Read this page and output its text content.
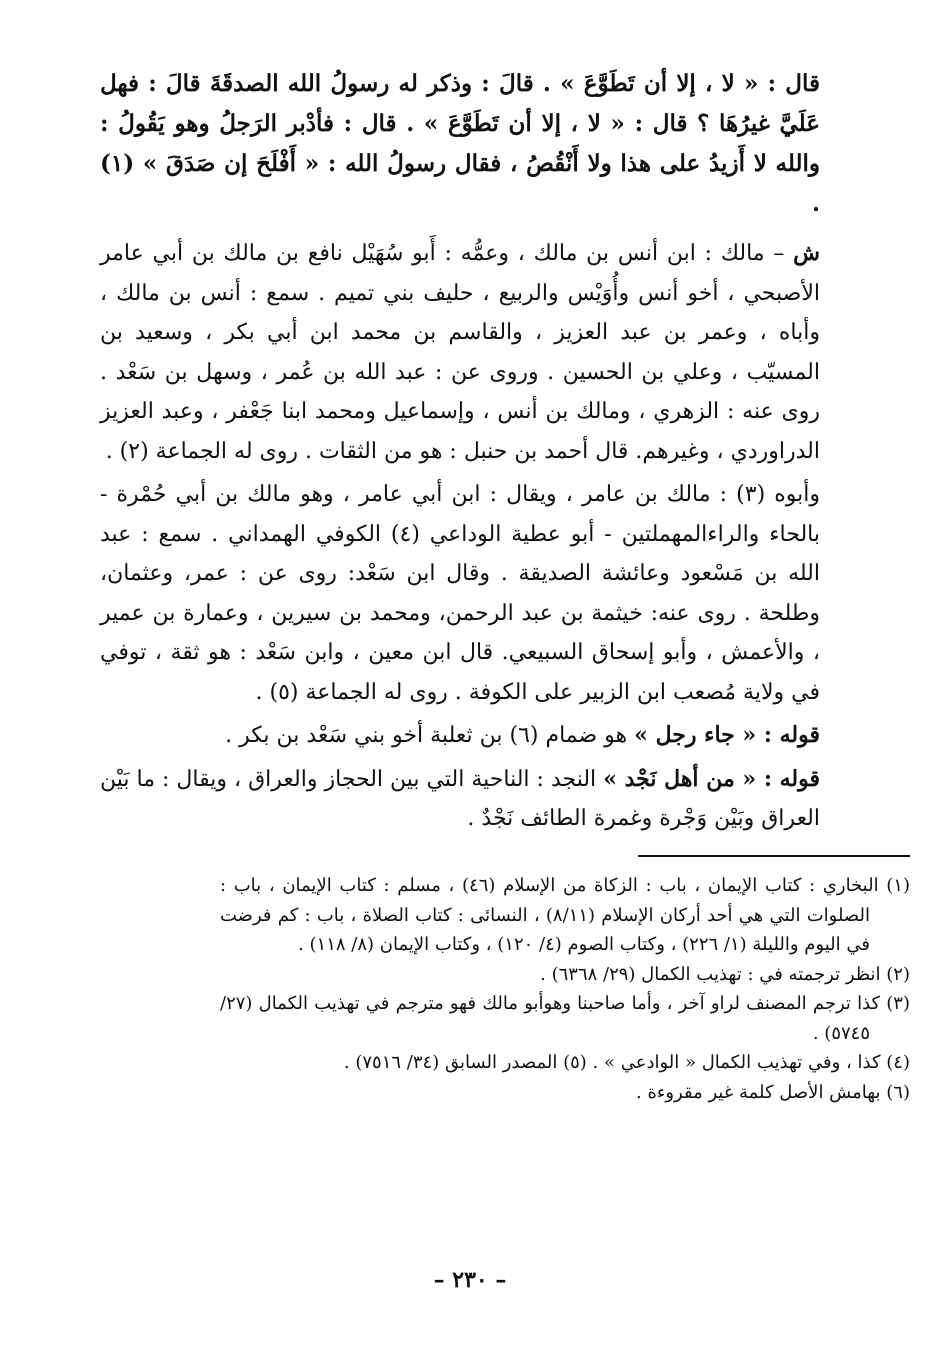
قال : « لا ، إلا أن تَطَوَّعَ » . قالَ : وذكر له رسولُ الله الصدقَةَ قالَ : فهل عَلَيَّ غيرُهَا ؟ قال : « لا ، إلا أن تَطَوَّعَ » . قال : فأدْبر الرَجلُ وهو يَقُولُ : والله لا أَزيدُ على هذا ولا أَنْقُصُ ، فقال رسولُ الله : « أَفْلَحَ إن صَدَقَ » (١) .

ش – مالك : ابن أنس بن مالك ، وعمُّه : أَبو سُهَيْل نافع بن مالك بن أبي عامر الأصبحي ، أخو أنس وأُوَيْس والربيع ، حليف بني تميم . سمع : أنس بن مالك ، وأباه ، وعمر بن عبد العزيز ، والقاسم بن محمد ابن أبي بكر ، وسعيد بن المسيّب ، وعلي بن الحسين . وروى عن : عبد الله بن عُمر ، وسهل بن سَعْد . روى عنه : الزهري ، ومالك بن أنس ، وإسماعيل ومحمد ابنا جَعْفر ، وعبد العزيز الدراوردي ، وغيرهم. قال أحمد بن حنبل : هو من الثقات . روى له الجماعة (٢) .

وأبوه (٣) : مالك بن عامر ، ويقال : ابن أبي عامر ، وهو مالك بن أبي حُمْرة - بالحاء والراءالمهملتين - أبو عطية الوداعي (٤) الكوفي الهمداني . سمع : عبد الله بن مَسْعود وعائشة الصديقة . وقال ابن سَعْد: روى عن : عمر، وعثمان، وطلحة . روى عنه: خيثمة بن عبد الرحمن، ومحمد بن سيرين ، وعمارة بن عمير ، والأعمش ، وأبو إسحاق السبيعي. قال ابن معين ، وابن سَعْد : هو ثقة ، توفي في ولاية مُصعب ابن الزبير على الكوفة . روى له الجماعة (٥) .

قوله : « جاء رجل » هو ضمام (٦) بن ثعلبة أخو بني سَعْد بن بكر .

قوله : « من أهل نَجْد » النجد : الناحية التي بين الحجاز والعراق ، ويقال : ما بَيْن العراق وبَيْن وَجْرة وغمرة الطائف نَجْدٌ .

(١) البخاري : كتاب الإيمان ، باب : الزكاة من الإسلام (٤٦) ، مسلم : كتاب الإيمان ، باب : الصلوات التي هي أحد أركان الإسلام (٨/١١) ، النسائى : كتاب الصلاة ، باب : كم فرضت في اليوم والليلة (١/ ٢٢٦) ، وكتاب الصوم (٤/ ١٢٠) ، وكتاب الإيمان (٨/ ١١٨) .

(٢) انظر ترجمته في : تهذيب الكمال (٢٩/ ٦٣٦٨) .

(٣) كذا ترجم المصنف لراو آخر ، وأما صاحبنا وهوأبو مالك فهو مترجم في تهذيب الكمال (٢٧/ ٥٧٤٥) .

(٤) كذا ، وفي تهذيب الكمال « الوادعي » . (٥) المصدر السابق (٣٤/ ٧٥١٦) .

(٦) بهامش الأصل كلمة غير مقروءة .

– ٢٣٠ –
